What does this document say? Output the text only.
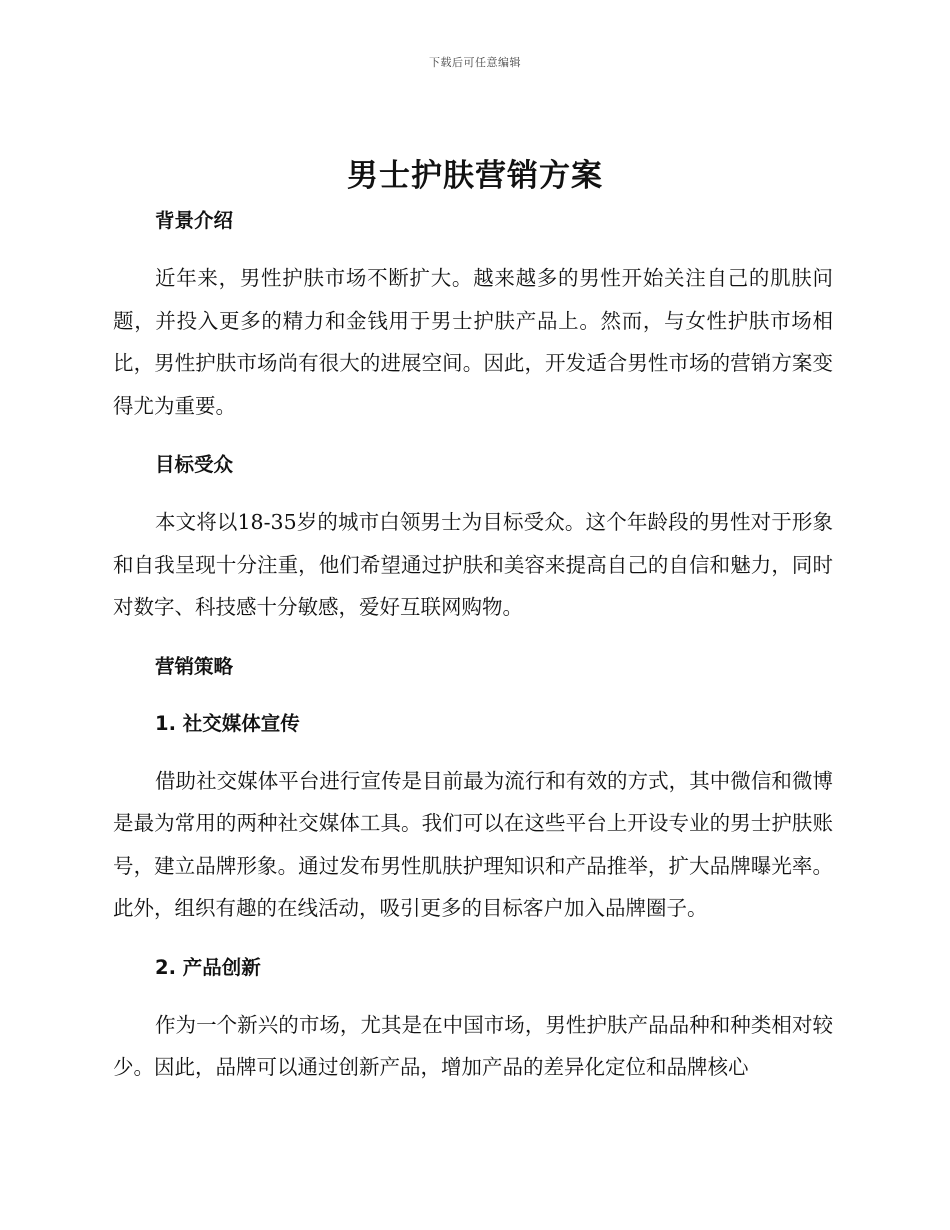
下载后可任意编辑
男士护肤营销方案
背景介绍

近年来，男性护肤市场不断扩大。越来越多的男性开始关注自己的肌肤问题，并投入更多的精力和金钱用于男士护肤产品上。然而，与女性护肤市场相比，男性护肤市场尚有很大的进展空间。因此，开发适合男性市场的营销方案变得尤为重要。

目标受众

本文将以18-35岁的城市白领男士为目标受众。这个年龄段的男性对于形象和自我呈现十分注重，他们希望通过护肤和美容来提高自己的自信和魅力，同时对数字、科技感十分敏感，爱好互联网购物。

营销策略
1. 社交媒体宣传

借助社交媒体平台进行宣传是目前最为流行和有效的方式，其中微信和微博是最为常用的两种社交媒体工具。我们可以在这些平台上开设专业的男士护肤账号，建立品牌形象。通过发布男性肌肤护理知识和产品推举，扩大品牌曝光率。此外，组织有趣的在线活动，吸引更多的目标客户加入品牌圈子。

2. 产品创新

作为一个新兴的市场，尤其是在中国市场，男性护肤产品品种和种类相对较少。因此，品牌可以通过创新产品，增加产品的差异化定位和品牌核心
